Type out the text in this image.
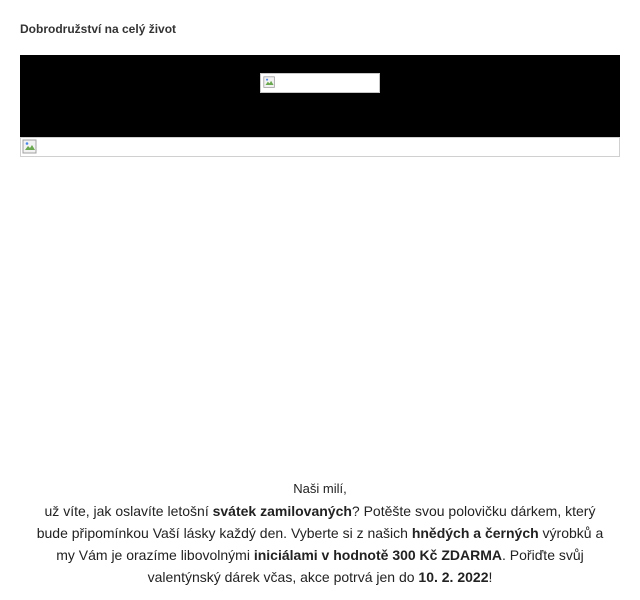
Dobrodružství na celý život

Naši milí,
už víte, jak oslavíte letošní svátek zamilovaných? Potěšte svou polovičku dárkem, který bude připomínkou Vaší lásky každý den. Vyberte si z našich hnědých a černých výrobků a my Vám je orazíme libovolnými iniciálami v hodnotě 300 Kč ZDARMA. Pořiďte svůj valentýnský dárek včas, akce potrvá jen do 10. 2. 2022!
